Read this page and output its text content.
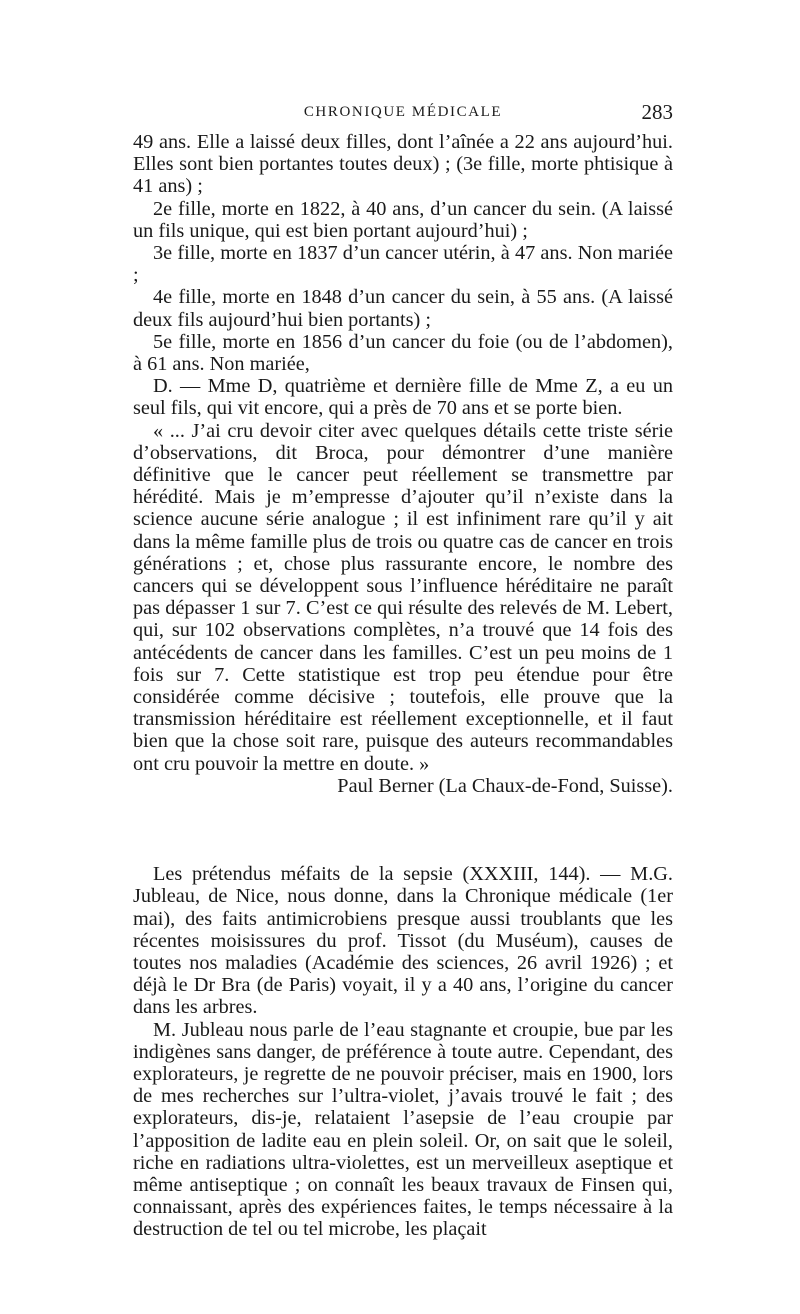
CHRONIQUE MÉDICALE	283

49 ans. Elle a laissé deux filles, dont l’aînée a 22 ans aujourd’hui. Elles sont bien portantes toutes deux) ; (3e fille, morte phtisique à 41 ans) ;

2e fille, morte en 1822, à 40 ans, d’un cancer du sein. (A laissé un fils unique, qui est bien portant aujourd’hui) ;

3e fille, morte en 1837 d’un cancer utérin, à 47 ans. Non mariée ;

4e fille, morte en 1848 d’un cancer du sein, à 55 ans. (A laissé deux fils aujourd’hui bien portants) ;

5e fille, morte en 1856 d’un cancer du foie (ou de l’abdomen), à 61 ans. Non mariée,

D. — Mme D, quatrième et dernière fille de Mme Z, a eu un seul fils, qui vit encore, qui a près de 70 ans et se porte bien.

« ... J’ai cru devoir citer avec quelques détails cette triste série d’observations, dit Broca, pour démontrer d’une manière définitive que le cancer peut réellement se transmettre par hérédité. Mais je m’empresse d’ajouter qu’il n’existe dans la science aucune série analogue ; il est infiniment rare qu’il y ait dans la même famille plus de trois ou quatre cas de cancer en trois générations ; et, chose plus rassurante encore, le nombre des cancers qui se développent sous l’influence héréditaire ne paraît pas dépasser 1 sur 7. C’est ce qui résulte des relevés de M. Lebert, qui, sur 102 observations complètes, n’a trouvé que 14 fois des antécédents de cancer dans les familles. C’est un peu moins de 1 fois sur 7. Cette statistique est trop peu étendue pour être considérée comme décisive ; toutefois, elle prouve que la transmission héréditaire est réellement exceptionnelle, et il faut bien que la chose soit rare, puisque des auteurs recommandables ont cru pouvoir la mettre en doute. »

Paul Berner (La Chaux-de-Fond, Suisse).

Les prétendus méfaits de la sepsie (XXXIII, 144). — M.G. Jubleau, de Nice, nous donne, dans la Chronique médicale (1er mai), des faits antimicrobiens presque aussi troublants que les récentes moisissures du prof. Tissot (du Muséum), causes de toutes nos maladies (Académie des sciences, 26 avril 1926) ; et déjà le Dr Bra (de Paris) voyait, il y a 40 ans, l’origine du cancer dans les arbres.

M. Jubleau nous parle de l’eau stagnante et croupie, bue par les indigènes sans danger, de préférence à toute autre. Cependant, des explorateurs, je regrette de ne pouvoir préciser, mais en 1900, lors de mes recherches sur l’ultra-violet, j’avais trouvé le fait ; des explorateurs, dis-je, relataient l’asepsie de l’eau croupie par l’apposition de ladite eau en plein soleil. Or, on sait que le soleil, riche en radiations ultra-violettes, est un merveilleux aseptique et même antiseptique ; on connaît les beaux travaux de Finsen qui, connaissant, après des expériences faites, le temps nécessaire à la destruction de tel ou tel microbe, les plaçait
